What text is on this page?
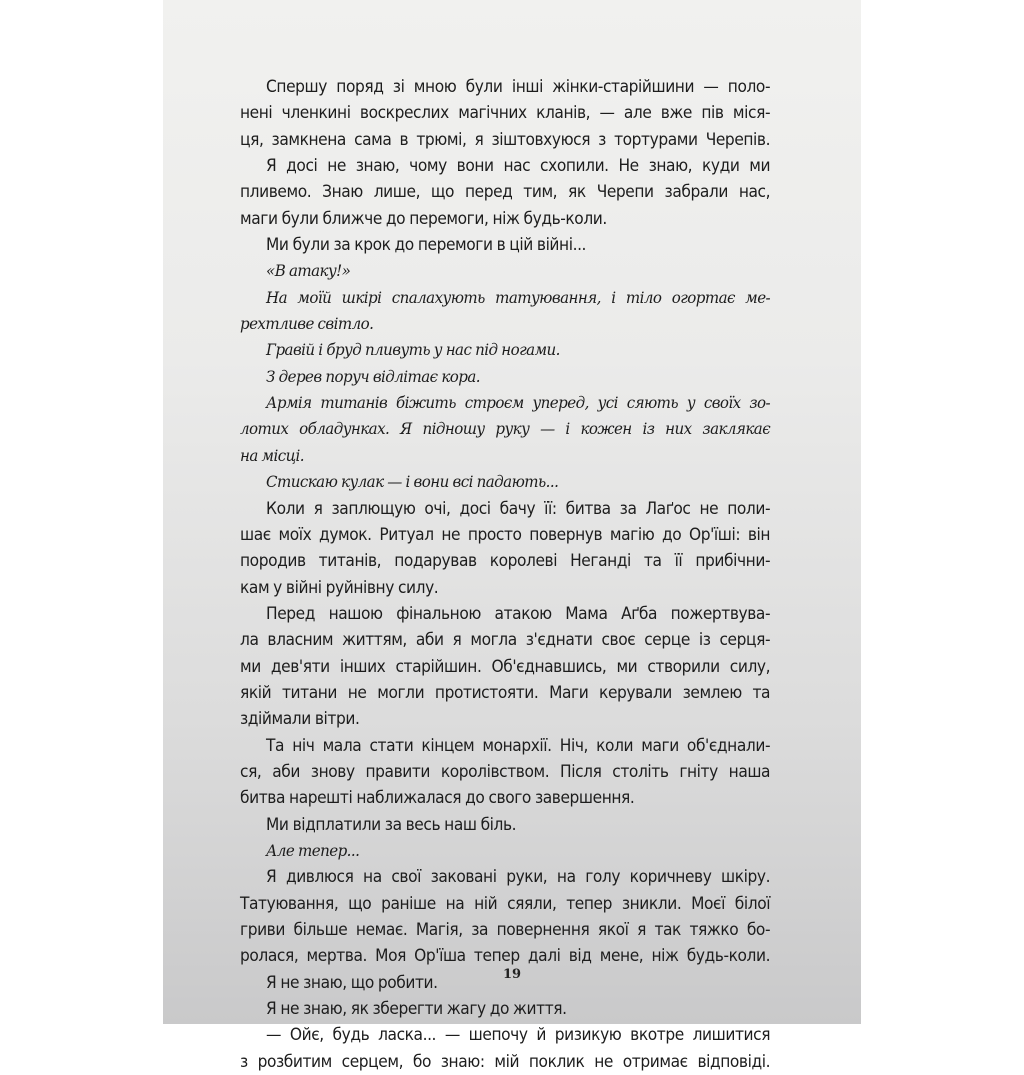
Спершу поряд зі мною були інші жінки-старійшини — поло-
нені членкині воскреслих магічних кланів, — але вже пів міся-
ця, замкнена сама в трюмі, я зіштовхуюся з тортурами Черепів.
Я досі не знаю, чому вони нас схопили. Не знаю, куди ми
пливемо. Знаю лише, що перед тим, як Черепи забрали нас,
маги були ближче до перемоги, ніж будь-коли.
Ми були за крок до перемоги в цій війні...
«В атаку!»
На моїй шкірі спалахують татуювання, і тіло огортає ме-
рехтливе світло.
Гравій і бруд пливуть у нас під ногами.
З дерев поруч відлітає кора.
Армія титанів біжить строєм уперед, усі сяють у своїх зо-
лотих обладунках. Я підношу руку — і кожен із них заклякає
на місці.
Стискаю кулак — і вони всі падають...
Коли я заплющую очі, досі бачу її: битва за Лаґос не поли-
шає моїх думок. Ритуал не просто повернув магію до Ор'їші: він
породив титанів, подарував королеві Неганді та її прибічни-
кам у війні руйнівну силу.
Перед нашою фінальною атакою Мама Аґба пожертвува-
ла власним життям, аби я могла з'єднати своє серце із серця-
ми дев'яти інших старійшин. Об'єднавшись, ми створили силу,
якій титани не могли протистояти. Маги керували землею та
здіймали вітри.
Та ніч мала стати кінцем монархії. Ніч, коли маги об'єднали-
ся, аби знову правити королівством. Після століть гніту наша
битва нарешті наближалася до свого завершення.
Ми відплатили за весь наш біль.
Але тепер...
Я дивлюся на свої заковані руки, на голу коричневу шкіру.
Татуювання, що раніше на ній сяяли, тепер зникли. Моєї білої
гриви більше немає. Магія, за повернення якої я так тяжко бо-
ролася, мертва. Моя Ор'їша тепер далі від мене, ніж будь-коли.
Я не знаю, що робити.
Я не знаю, як зберегти жагу до життя.
— Ойє, будь ласка... — шепочу й ризикую вкотре лишитися
з розбитим серцем, бо знаю: мій поклик не отримає відповіді.
19
